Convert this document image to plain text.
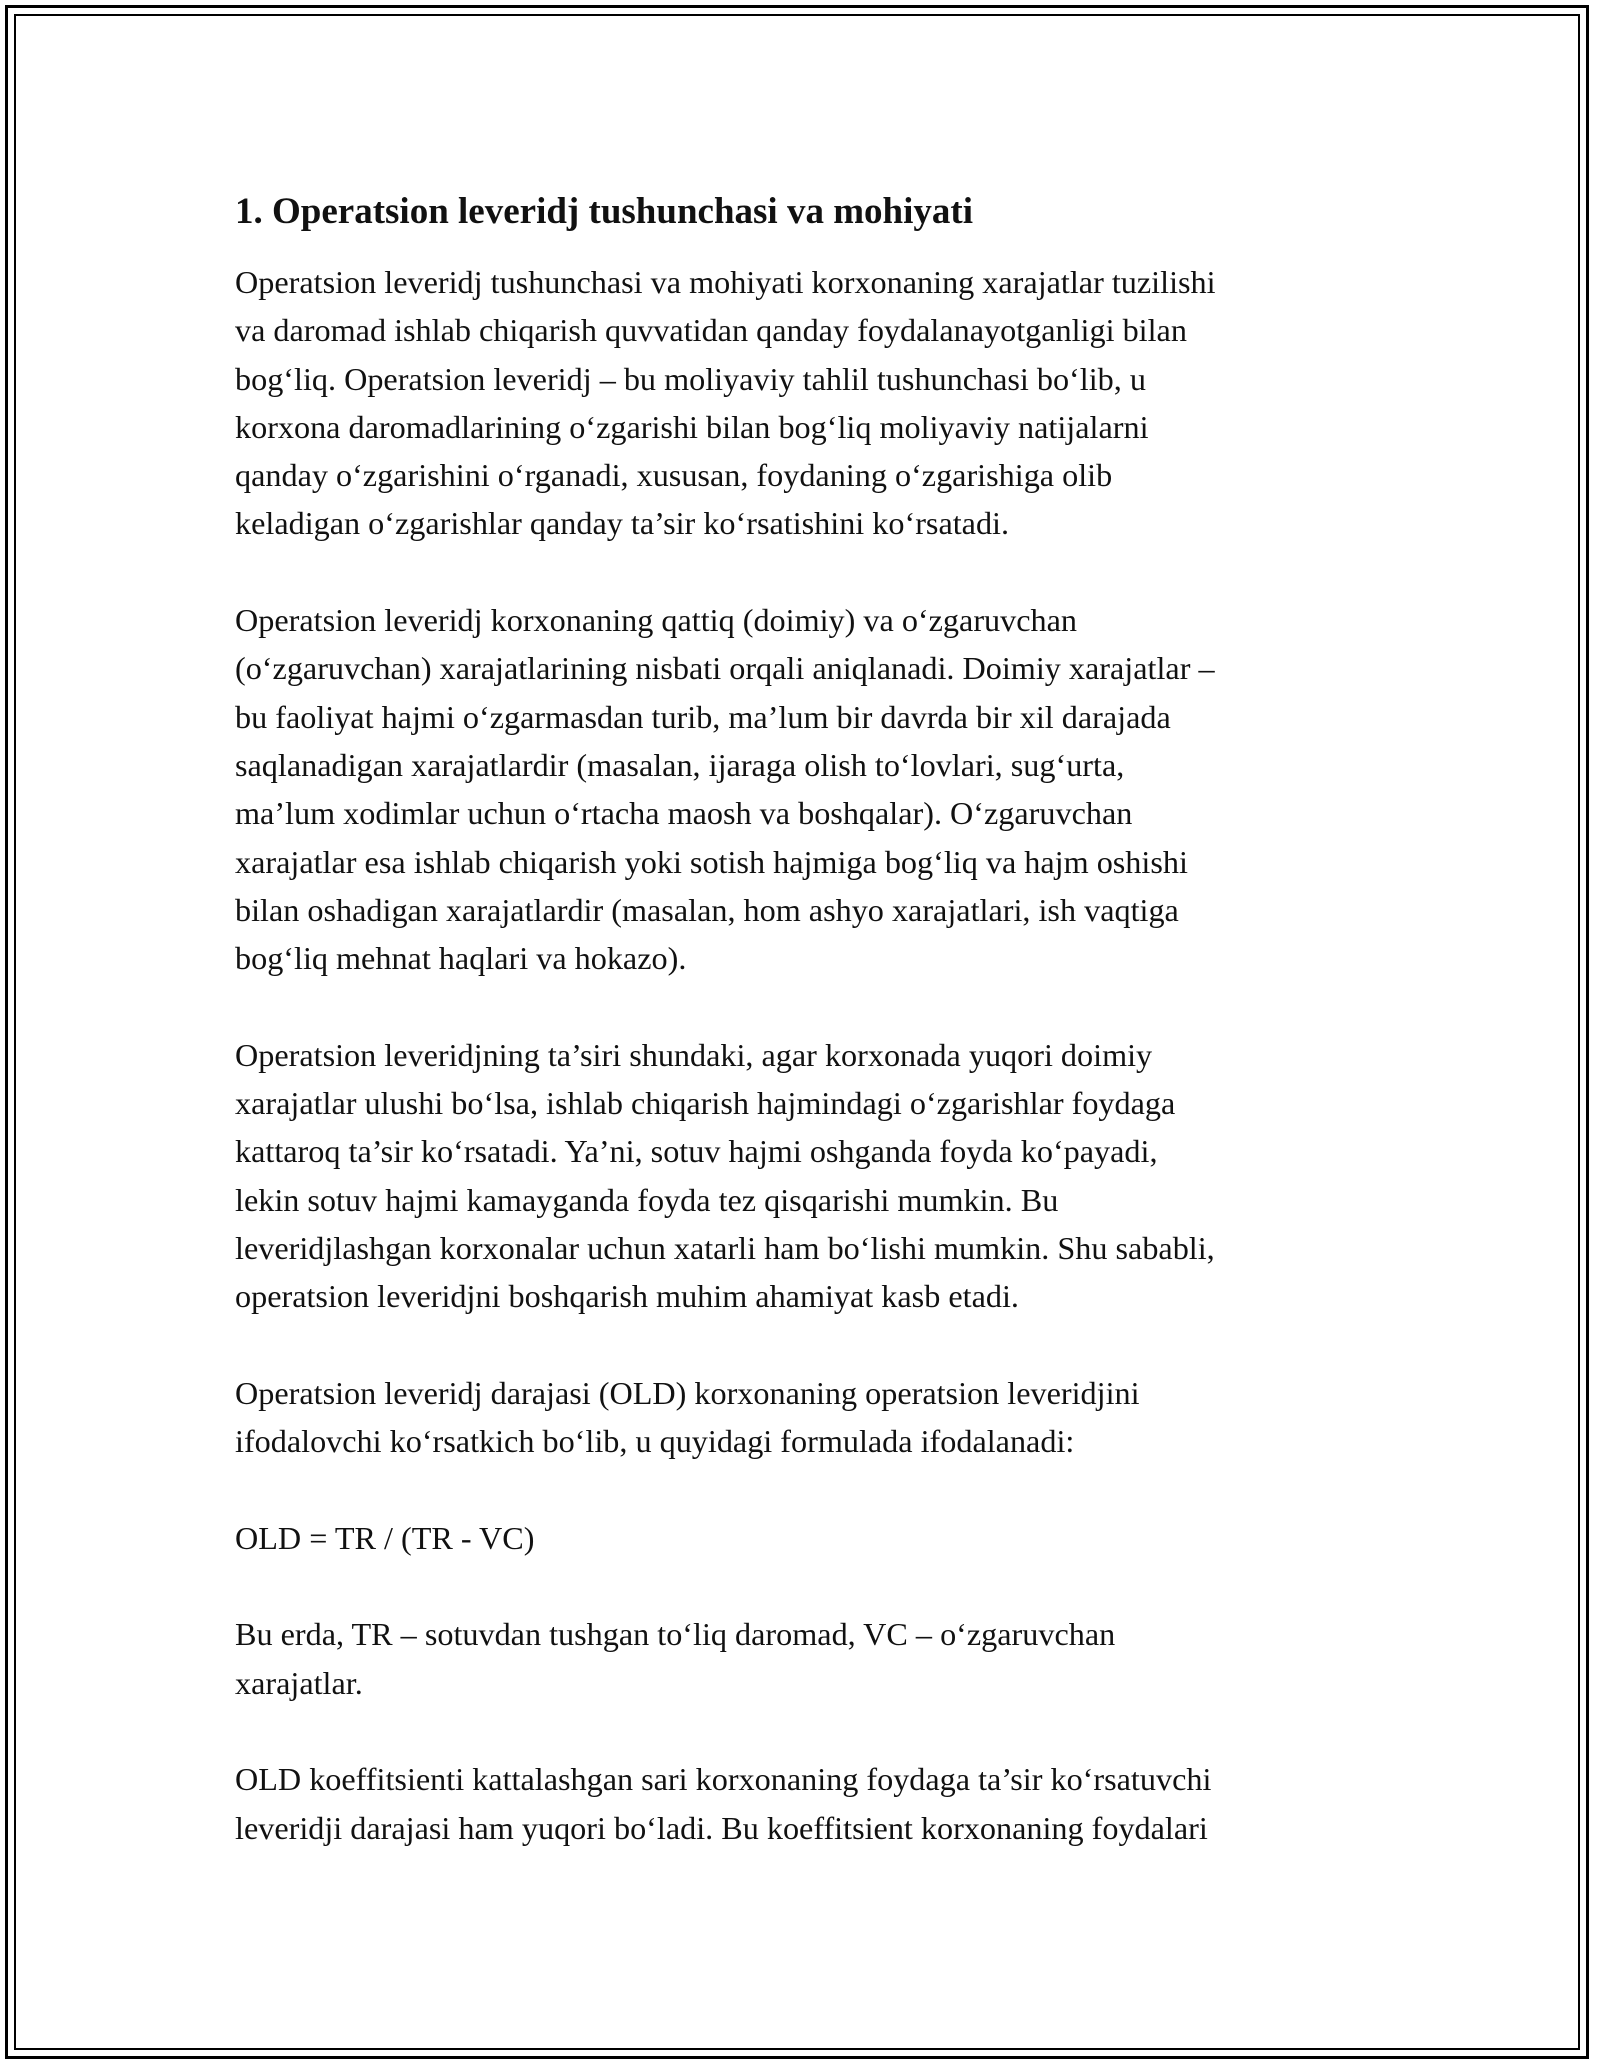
1. Operatsion leveridj tushunchasi va mohiyati

Operatsion leveridj tushunchasi va mohiyati korxonaning xarajatlar tuzilishi
va daromad ishlab chiqarish quvvatidan qanday foydalanayotganligi bilan
bog‘liq. Operatsion leveridj – bu moliyaviy tahlil tushunchasi bo‘lib, u
korxona daromadlarining o‘zgarishi bilan bog‘liq moliyaviy natijalarni
qanday o‘zgarishini o‘rganadi, xususan, foydaning o‘zgarishiga olib
keladigan o‘zgarishlar qanday ta’sir ko‘rsatishini ko‘rsatadi.

Operatsion leveridj korxonaning qattiq (doimiy) va o‘zgaruvchan
(o‘zgaruvchan) xarajatlarining nisbati orqali aniqlanadi. Doimiy xarajatlar –
bu faoliyat hajmi o‘zgarmasdan turib, ma’lum bir davrda bir xil darajada
saqlanadigan xarajatlardir (masalan, ijaraga olish to‘lovlari, sug‘urta,
ma’lum xodimlar uchun o‘rtacha maosh va boshqalar). O‘zgaruvchan
xarajatlar esa ishlab chiqarish yoki sotish hajmiga bog‘liq va hajm oshishi
bilan oshadigan xarajatlardir (masalan, hom ashyo xarajatlari, ish vaqtiga
bog‘liq mehnat haqlari va hokazo).

Operatsion leveridjning ta’siri shundaki, agar korxonada yuqori doimiy
xarajatlar ulushi bo‘lsa, ishlab chiqarish hajmindagi o‘zgarishlar foydaga
kattaroq ta’sir ko‘rsatadi. Ya’ni, sotuv hajmi oshganda foyda ko‘payadi,
lekin sotuv hajmi kamayganda foyda tez qisqarishi mumkin. Bu
leveridjlashgan korxonalar uchun xatarli ham bo‘lishi mumkin. Shu sababli,
operatsion leveridjni boshqarish muhim ahamiyat kasb etadi.

Operatsion leveridj darajasi (OLD) korxonaning operatsion leveridjini
ifodalovchi ko‘rsatkich bo‘lib, u quyidagi formulada ifodalanadi:

OLD = TR / (TR - VC)

Bu erda, TR – sotuvdan tushgan to‘liq daromad, VC – o‘zgaruvchan
xarajatlar.

OLD koeffitsienti kattalashgan sari korxonaning foydaga ta’sir ko‘rsatuvchi
leveridji darajasi ham yuqori bo‘ladi. Bu koeffitsient korxonaning foydalari
